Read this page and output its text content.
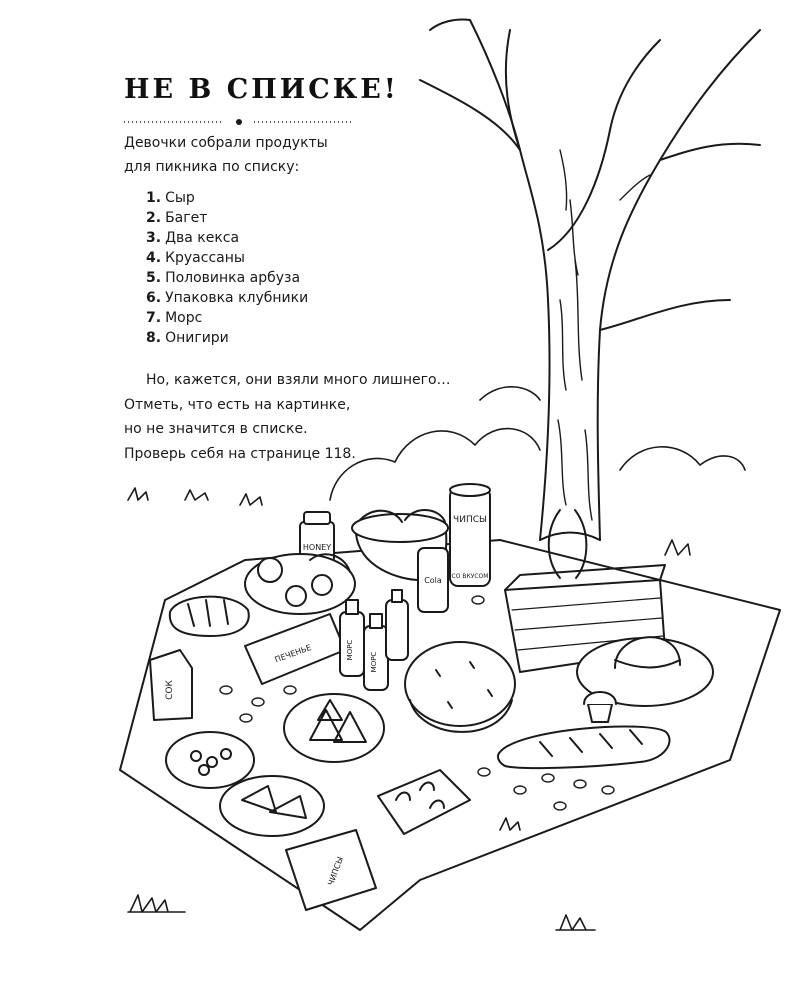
ЧИПСЫ
СО ВКУСОМ
HONEY
Cola
ПЕЧЕНЬЕ
СОК
МОРС
МОРС
ЧИПСЫ
НЕ В СПИСКЕ!

Девочки собрали продукты

для пикника по списку:

1. Сыр
2. Багет
3. Два кекса
4. Круассаны
5. Половинка арбуза
6. Упаковка клубники
7. Морс
8. Онигири

Но, кажется, они взяли много лишнего…

Отметь, что есть на картинке,

но не значится в списке.

Проверь себя на странице 118.
